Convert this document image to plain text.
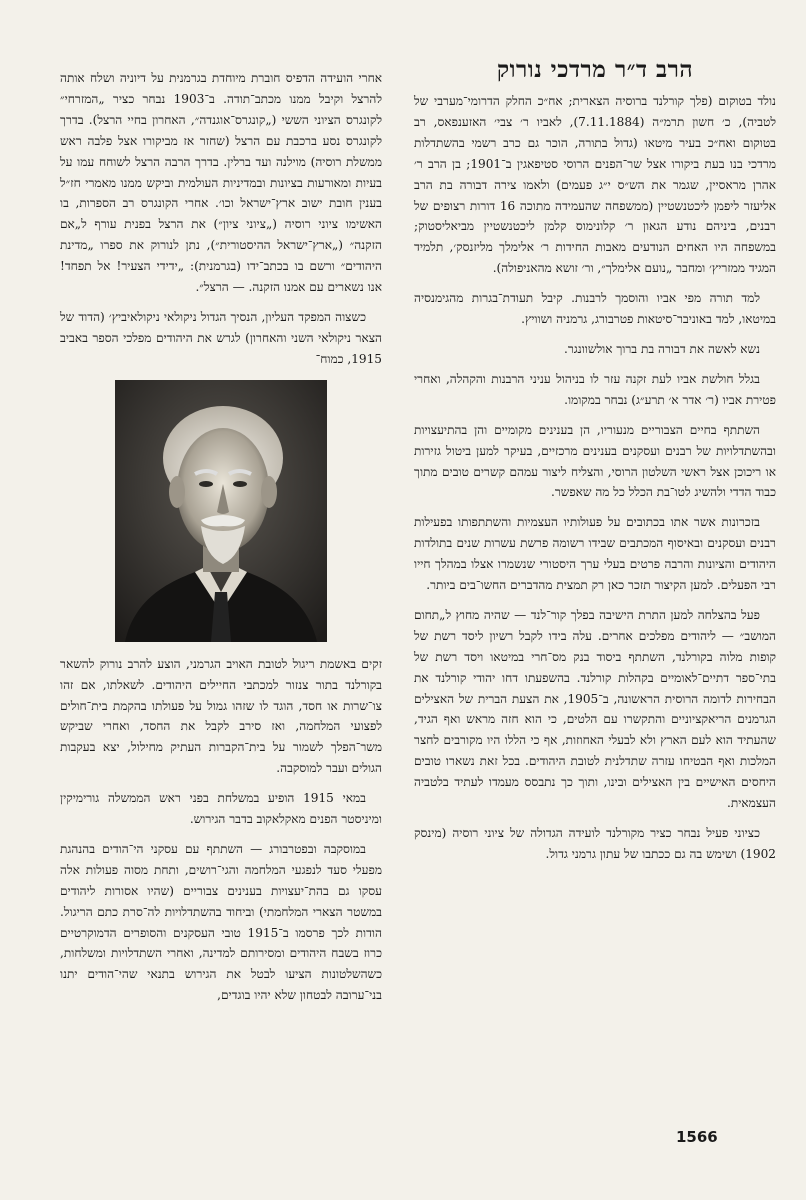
הרב ד״ר מרדכי נורוק

נולד בטוקום (פלך קורלנד ברוסיה הצארית; אח״כ החלק הדרומי־מערבי של לטביה), כ׳ חשון תרמ״ה (7.11.1884), לאביו ר׳ צבי׳ האזענפאס, רב בטוקום ואח״כ בעיר מיטאו (גדול בתורה, הוכר גם כרב רשמי בהשתדלות מרדכי בנו בעת ביקורו אצל שר־הפנים הרוסי סטיפאגין ב־1901; בן הרב ר׳ אהרן מראסיין, שגמר את הש״ס י״ג פעמים) ולאמו צירה דבורה בת הרב אליעזר ליפמן ליכטנשטיין (ממשפחה שהעמידה מתוכה 16 דורות רצופים של רבנים, ביניהם נודע הגאון ר׳ קלונימוס קלמן ליכטנשטיין מביאליסטוק; במשפחה היו האחים הנודעים מאבות החידות ר׳ אלימלך מליזנסק׳, תלמיד המגיד ממזריץ׳ ומחבר „נועם אלימלך״, ור׳ זושא מהאניפולה).

למד תורה מפי אביו והוסמך לרבנות. קיבל תעודת־בגרות מהגימנסיה במיטאו, למד באוניבר־סיטאות פטרבורג, גרמניה ושוויץ.

נשא לאשה את דבורה בת ברוך אולשוונגר.

בגלל חולשת אביו לעת זקנה עזר לו בניהול עניני הרבנות והקהלה, ואחרי פטירת אביו (ר׳ אדר א׳ תרע״ג) נבחר במקומו.

השתתף בחיים הצבוריים מנעוריו, הן בענינים מקומיים והן בהתיעצויות ובהשתדלויות של רבנים ועסקנים בענינים מרכזיים, בעיקר למען ביטול גזירות או ריכוכן אצל ראשי השלטון הרוסי, והצליח ליצור עמהם קשרים טובים מתוך כבוד הדדי ולהשיג לטו־בת הכלל כל מה שאפשר.

בזכרונות אשר אתו בכתובים על פעולותיו העצמיות והשתתפותו בפעילות רבנים ועסקנים ובאיסוף המכתבים שבידו רשומה פרשת עשרות שנים בתולדות היהודים והציונות והרבה פרטים בעלי ערך היסטורי שנשמרו אצלו במהלך חייו רבי הפעלים. למען הקיצור תזכר כאן רק תמצית מהדברים החשו־בים ביותר.

פעל בהצלחה למען התרת הישיבה בפלך קור־לנד — שהיה מחוץ ל„תחום המושב״ — ליהודים מפלכים אחרים. עלה בידו לקבל רשיון ליסד רשת של קופות מלוה בקורלנד, השתתף ביסוד בנק מס־חרי במיטאו ויסד רשת של בתי־ספר דתיים־לאומיים בקהלות קורלנד. בהשפעתו דחו יהודי קורלנד את הבחירות לדומה הרוסית הראשונה, ב־1905, את הצעת הברית של האצילים הגרמנים הריאקציוניים והתקשרו עם הלטים, כי הוא חזה מראש ואף הגיד, שהעתיד הוא לעם הארץ ולא לבעלי האחוזות, אף כי הללו היו מקורבים לחצר המלכות ואף הבטיחו עזרה שתדלנית לטובת היהודים. בכל זאת נשארו טובים היחסים האישיים בין האצילים ובינו, ותוך כך נתבסס מעמדו לעתיד בלטביה העצמאית.

כציוני פעיל נבחר כציר מקורלנד לועידה הגדולה של ציוני רוסיה (מינסק 1902) ושימש בה גם ככתבו של עתון גרמני גדול.

אחרי הועידה הדפיס חוברת מיוחדת בגרמנית על דיוניה ושלח אותה להרצל וקיבל ממנו מכתב־תודה. ב־1903 נבחר כציר „המזרחי״ לקונגרס הציוני הששי („קונגרס־אוגנדה״, האחרון בחיי הרצל). בדרך לקונגרס נסע ברכבת עם הרצל (שחזר אז מביקורו אצל פלבה ראש ממשלת רוסיה) מוילנה ועד ברלין. בדרך הרבה הרצל לשוחח עמו על בעיות ומאורעות בציונות ובמדיניות העולמית וביקש ממנו מאמרי חז״ל בענין חובת ישוב ארץ־ישראל וכו׳. אחרי הקונגרס רב הספרות, בו האשימו ציוני רוסיה („ציוני ציון״) את הרצל בפנית עורף ל„אם הזקנה״ („ארץ־ישראל ההיסטורית״), נתן לנורוק את ספרו „מדינת היהודים״ ורשם בו בכתב־ידו (בגרמנית): „ידידי הצעיר! אל תפחד! אנו נשארים עם אמנו הזקנה. — הרצל״.

כשצוה המפקד העליון, הנסיך הגדול ניקולאי ניקולאיביץ׳ (הדוד של הצאר ניקולאי השני והאחרון) לגרש את היהודים מפלכי הספר באביב 1915, כמוח־

זקים באשמת ריגול לטובת האויב הגרמני, הוצע להרב נורוק להשאר בקורלנד בתור צנזור למכתבי החיילים היהודים. לשאלתו, אם זהו צו־שרות או חסד, הוגד לו שזהו גמול על פעולתו בהקמת בית־חולים לפצועי המלחמה, ואז סירב לקבל את החסד, ואחרי שביקש משר־הפלך לשמור על בית־הקברות העתיק מחילול, יצא בעקבות הגולים ועבר למוסקבה.

במאי 1915 הופיע במשלחת בפני ראש הממשלה גורימיקין ומיניסטר הפנים מאקלאקוב בדבר הגירוש.

במוסקבה ובפטרבורג — השתתף עם עסקני הי־הודים בהנהגת מפעלי סעד לנפגעי המלחמה והגי־רושים, ותחת מסוה פעולות אלה עסקו גם בהת־יעצויות בענינים צבוריים (שהיו אסורות ליהודים במשטר הצארי המלחמתי) וביחוד בהשתדלויות לה־סרת כתם הריגול. הודות לכך פרסמו ב־1915 טובי העסקנים והסופרים הדמוקרטיים כרוז בשבח היהודים ומסירותם למדינה, ואחרי השתדלויות ומשלחות, כשהשלטונות הציעו לבטל את הגירוש בתנאי שהי־הודים יתנו בני־ערובה לבטחון שלא יהיו בוגדים,

1566
